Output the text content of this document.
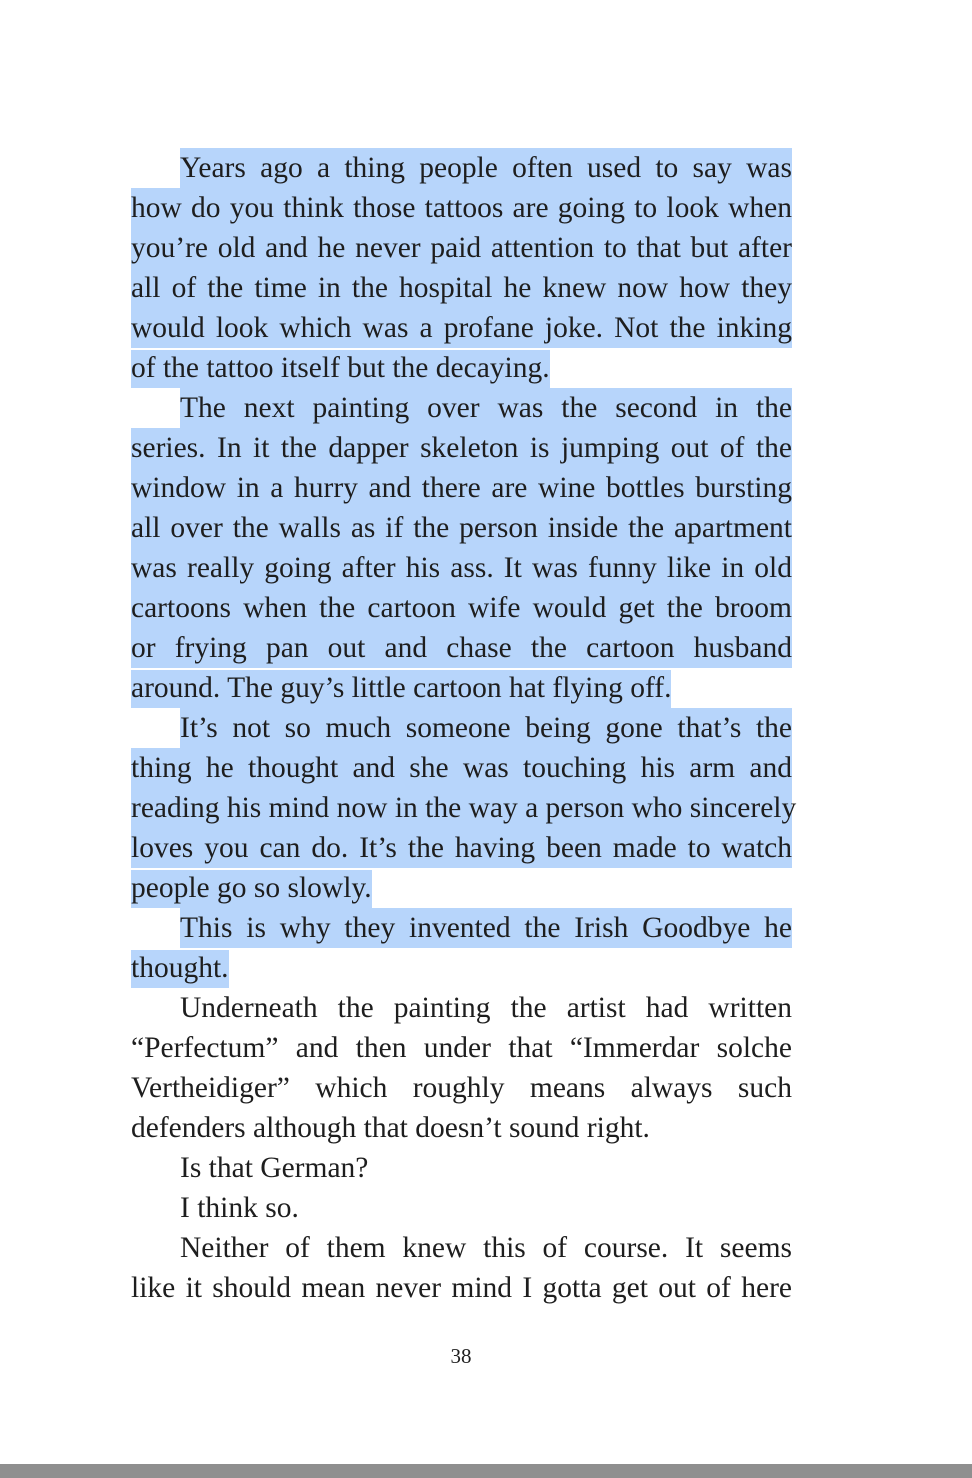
Years ago a thing people often used to say was
how do you think those tattoos are going to look when
you’re old and he never paid attention to that but after
all of the time in the hospital he knew now how they
would look which was a profane joke. Not the inking
of the tattoo itself but the decaying.
The next painting over was the second in the
series. In it the dapper skeleton is jumping out of the
window in a hurry and there are wine bottles bursting
all over the walls as if the person inside the apartment
was really going after his ass. It was funny like in old
cartoons when the cartoon wife would get the broom
or frying pan out and chase the cartoon husband
around. The guy’s little cartoon hat flying off.
It’s not so much someone being gone that’s the
thing he thought and she was touching his arm and
reading his mind now in the way a person who sincerely
loves you can do. It’s the having been made to watch
people go so slowly.
This is why they invented the Irish Goodbye he
thought.
Underneath the painting the artist had written
“Perfectum” and then under that “Immerdar solche
Vertheidiger” which roughly means always such
defenders although that doesn’t sound right.
Is that German?
I think so.
Neither of them knew this of course. It seems
like it should mean never mind I gotta get out of here
38
